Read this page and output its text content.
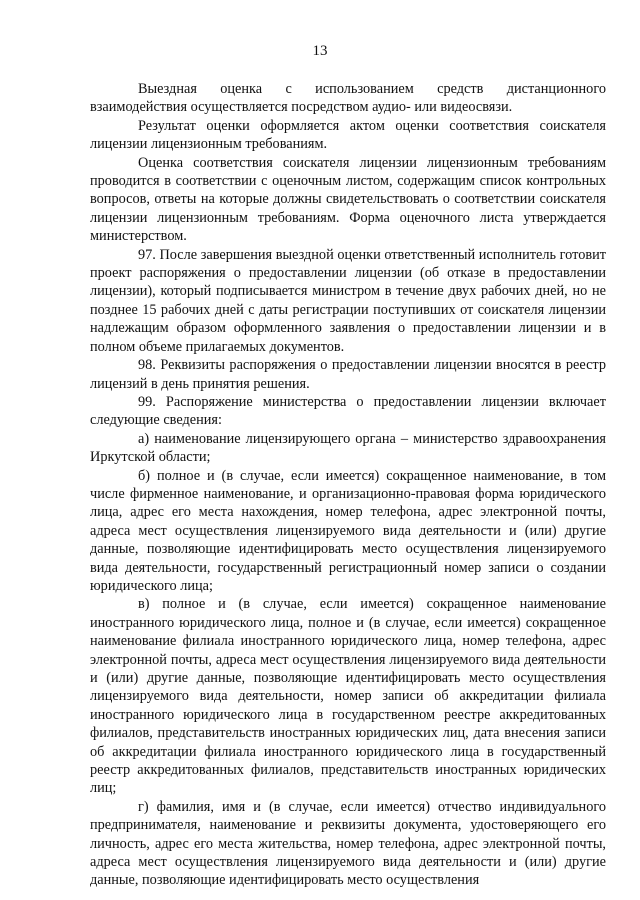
13

Выездная оценка с использованием средств дистанционного взаимодействия осуществляется посредством аудио- или видеосвязи.

Результат оценки оформляется актом оценки соответствия соискателя лицензии лицензионным требованиям.

Оценка соответствия соискателя лицензии лицензионным требованиям проводится в соответствии с оценочным листом, содержащим список контрольных вопросов, ответы на которые должны свидетельствовать о соответствии соискателя лицензии лицензионным требованиям. Форма оценочного листа утверждается министерством.

97. После завершения выездной оценки ответственный исполнитель готовит проект распоряжения о предоставлении лицензии (об отказе в предоставлении лицензии), который подписывается министром в течение двух рабочих дней, но не позднее 15 рабочих дней с даты регистрации поступивших от соискателя лицензии надлежащим образом оформленного заявления о предоставлении лицензии и в полном объеме прилагаемых документов.

98. Реквизиты распоряжения о предоставлении лицензии вносятся в реестр лицензий в день принятия решения.

99. Распоряжение министерства о предоставлении лицензии включает следующие сведения:

а) наименование лицензирующего органа – министерство здравоохранения Иркутской области;

б) полное и (в случае, если имеется) сокращенное наименование, в том числе фирменное наименование, и организационно-правовая форма юридического лица, адрес его места нахождения, номер телефона, адрес электронной почты, адреса мест осуществления лицензируемого вида деятельности и (или) другие данные, позволяющие идентифицировать место осуществления лицензируемого вида деятельности, государственный регистрационный номер записи о создании юридического лица;

в) полное и (в случае, если имеется) сокращенное наименование иностранного юридического лица, полное и (в случае, если имеется) сокращенное наименование филиала иностранного юридического лица, номер телефона, адрес электронной почты, адреса мест осуществления лицензируемого вида деятельности и (или) другие данные, позволяющие идентифицировать место осуществления лицензируемого вида деятельности, номер записи об аккредитации филиала иностранного юридического лица в государственном реестре аккредитованных филиалов, представительств иностранных юридических лиц, дата внесения записи об аккредитации филиала иностранного юридического лица в государственный реестр аккредитованных филиалов, представительств иностранных юридических лиц;

г) фамилия, имя и (в случае, если имеется) отчество индивидуального предпринимателя, наименование и реквизиты документа, удостоверяющего его личность, адрес его места жительства, номер телефона, адрес электронной почты, адреса мест осуществления лицензируемого вида деятельности и (или) другие данные, позволяющие идентифицировать место осуществления
